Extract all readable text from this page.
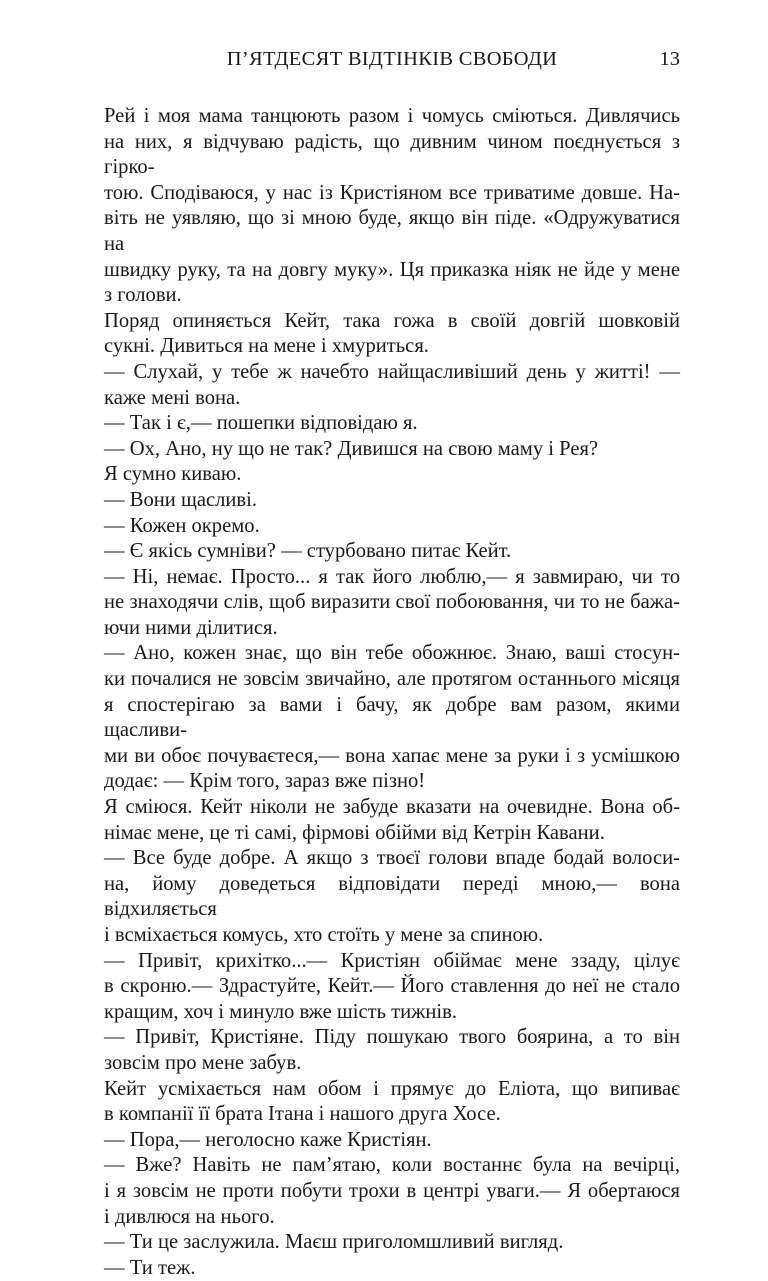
П’ЯТДЕСЯТ ВІДТІНКІВ СВОБОДИ	13

Рей і моя мама танцюють разом і чомусь сміються. Дивлячись

на них, я відчуваю радість, що дивним чином поєднується з гірко-

тою. Сподіваюся, у нас із Кристіяном все триватиме довше. На-

віть не уявляю, що зі мною буде, якщо він піде. «Одружуватися на

швидку руку, та на довгу муку». Ця приказка ніяк не йде у мене

з голови.

Поряд опиняється Кейт, така гожа в своїй довгій шовковій

сукні. Дивиться на мене і хмуриться.

— Слухай, у тебе ж начебто найщасливіший день у житті! —

каже мені вона.

— Так і є,— пошепки відповідаю я.

— Ох, Ано, ну що не так? Дивишся на свою маму і Рея?

Я сумно киваю.

— Вони щасливі.

— Кожен окремо.

— Є якісь сумніви? — стурбовано питає Кейт.

— Ні, немає. Просто... я так його люблю,— я завмираю, чи то

не знаходячи слів, щоб виразити свої побоювання, чи то не бажа-

ючи ними ділитися.

— Ано, кожен знає, що він тебе обожнює. Знаю, ваші стосун-

ки почалися не зовсім звичайно, але протягом останнього місяця

я спостерігаю за вами і бачу, як добре вам разом, якими щасливи-

ми ви обоє почуваєтеся,— вона хапає мене за руки і з усмішкою

додає: — Крім того, зараз вже пізно!

Я сміюся. Кейт ніколи не забуде вказати на очевидне. Вона об-

німає мене, це ті самі, фірмові обійми від Кетрін Кавани.

— Все буде добре. А якщо з твоєї голови впаде бодай волоси-

на, йому доведеться відповідати переді мною,— вона відхиляється

і всміхається комусь, хто стоїть у мене за спиною.

— Привіт, крихітко...— Кристіян обіймає мене ззаду, цілує

в скроню.— Здрастуйте, Кейт.— Його ставлення до неї не стало

кращим, хоч і минуло вже шість тижнів.

— Привіт, Кристіяне. Піду пошукаю твого боярина, а то він

зовсім про мене забув.

Кейт усміхається нам обом і прямує до Еліота, що випиває

в компанії її брата Ітана і нашого друга Хосе.

— Пора,— неголосно каже Кристіян.

— Вже? Навіть не пам’ятаю, коли востаннє була на вечірці,

і я зовсім не проти побути трохи в центрі уваги.— Я обертаюся

і дивлюся на нього.

— Ти це заслужила. Маєш приголомшливий вигляд.

— Ти теж.
